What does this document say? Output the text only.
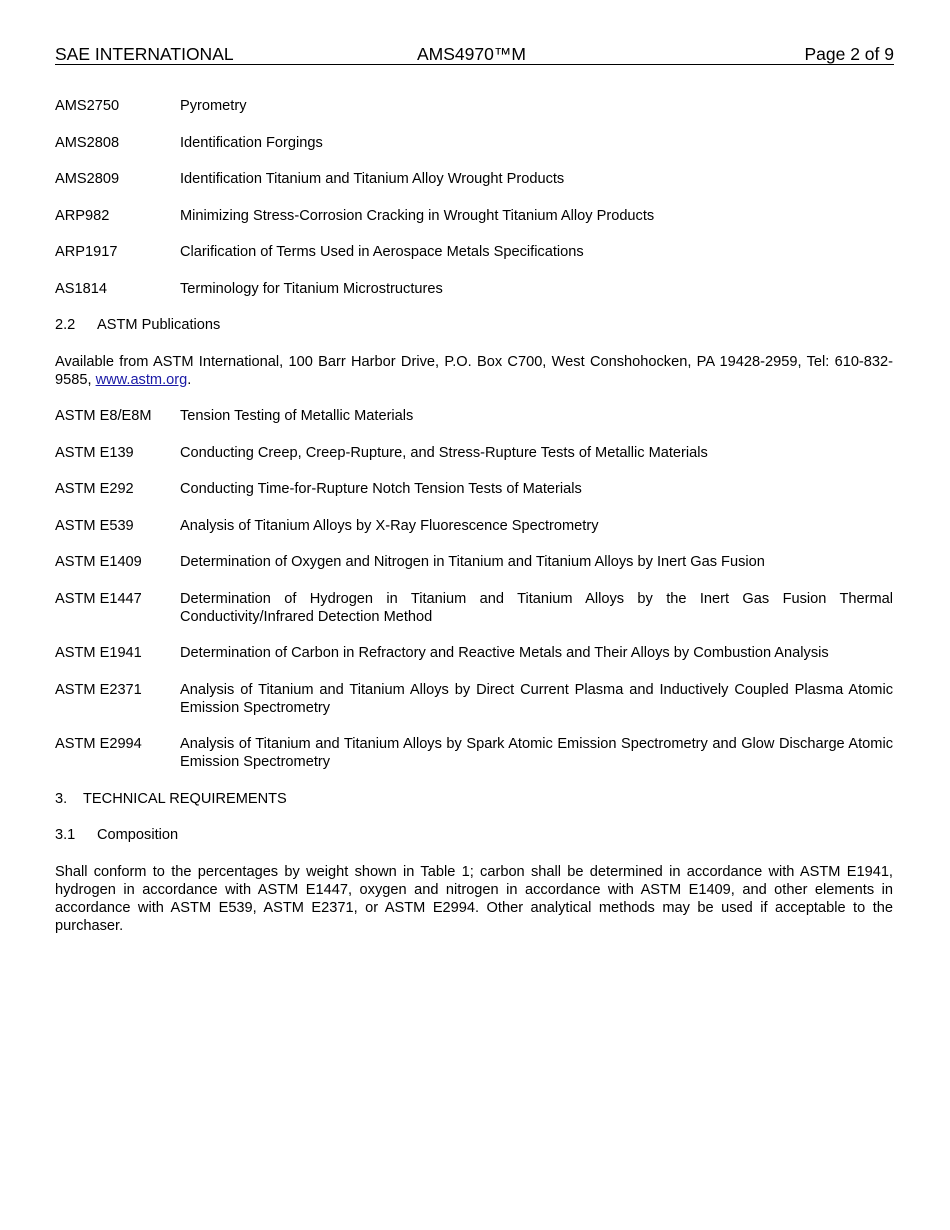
SAE INTERNATIONAL	AMS4970™M	Page 2 of 9
AMS2750	Pyrometry
AMS2808	Identification Forgings
AMS2809	Identification Titanium and Titanium Alloy Wrought Products
ARP982	Minimizing Stress-Corrosion Cracking in Wrought Titanium Alloy Products
ARP1917	Clarification of Terms Used in Aerospace Metals Specifications
AS1814	Terminology for Titanium Microstructures
2.2 ASTM Publications
Available from ASTM International, 100 Barr Harbor Drive, P.O. Box C700, West Conshohocken, PA 19428-2959, Tel: 610-832-9585, www.astm.org.
ASTM E8/E8M	Tension Testing of Metallic Materials
ASTM E139	Conducting Creep, Creep-Rupture, and Stress-Rupture Tests of Metallic Materials
ASTM E292	Conducting Time-for-Rupture Notch Tension Tests of Materials
ASTM E539	Analysis of Titanium Alloys by X-Ray Fluorescence Spectrometry
ASTM E1409	Determination of Oxygen and Nitrogen in Titanium and Titanium Alloys by Inert Gas Fusion
ASTM E1447	Determination of Hydrogen in Titanium and Titanium Alloys by the Inert Gas Fusion Thermal Conductivity/Infrared Detection Method
ASTM E1941	Determination of Carbon in Refractory and Reactive Metals and Their Alloys by Combustion Analysis
ASTM E2371	Analysis of Titanium and Titanium Alloys by Direct Current Plasma and Inductively Coupled Plasma Atomic Emission Spectrometry
ASTM E2994	Analysis of Titanium and Titanium Alloys by Spark Atomic Emission Spectrometry and Glow Discharge Atomic Emission Spectrometry
3. TECHNICAL REQUIREMENTS
3.1 Composition
Shall conform to the percentages by weight shown in Table 1; carbon shall be determined in accordance with ASTM E1941, hydrogen in accordance with ASTM E1447, oxygen and nitrogen in accordance with ASTM E1409, and other elements in accordance with ASTM E539, ASTM E2371, or ASTM E2994. Other analytical methods may be used if acceptable to the purchaser.
